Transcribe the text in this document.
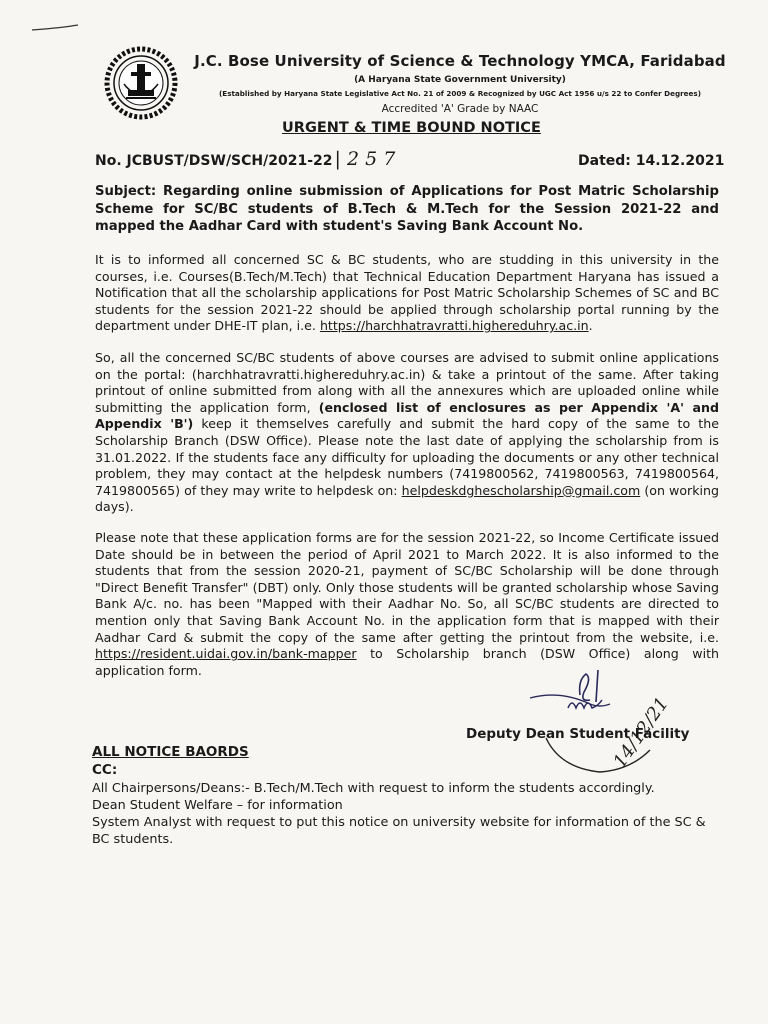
J.C. Bose University of Science & Technology YMCA, Faridabad
(A Haryana State Government University)
(Established by Haryana State Legislative Act No. 21 of 2009 & Recognized by UGC Act 1956 u/s 22 to Confer Degrees)
Accredited 'A' Grade by NAAC
URGENT & TIME BOUND NOTICE
No. JCBUST/DSW/SCH/2021-22 | 2 5 7	Dated: 14.12.2021
Subject: Regarding online submission of Applications for Post Matric Scholarship Scheme for SC/BC students of B.Tech & M.Tech for the Session 2021-22 and mapped the Aadhar Card with student's Saving Bank Account No.
It is to informed all concerned SC & BC students, who are studding in this university in the courses, i.e. Courses(B.Tech/M.Tech) that Technical Education Department Haryana has issued a Notification that all the scholarship applications for Post Matric Scholarship Schemes of SC and BC students for the session 2021-22 should be applied through scholarship portal running by the department under DHE-IT plan, i.e. https://harchhatravratti.highereduhry.ac.in.
So, all the concerned SC/BC students of above courses are advised to submit online applications on the portal: (harchhatravratti.highereduhry.ac.in) & take a printout of the same. After taking printout of online submitted from along with all the annexures which are uploaded online while submitting the application form, (enclosed list of enclosures as per Appendix 'A' and Appendix 'B') keep it themselves carefully and submit the hard copy of the same to the Scholarship Branch (DSW Office). Please note the last date of applying the scholarship from is 31.01.2022. If the students face any difficulty for uploading the documents or any other technical problem, they may contact at the helpdesk numbers (7419800562, 7419800563, 7419800564, 7419800565) of they may write to helpdesk on: helpdeskdghescholarship@gmail.com (on working days).
Please note that these application forms are for the session 2021-22, so Income Certificate issued Date should be in between the period of April 2021 to March 2022. It is also informed to the students that from the session 2020-21, payment of SC/BC Scholarship will be done through "Direct Benefit Transfer" (DBT) only. Only those students will be granted scholarship whose Saving Bank A/c. no. has been "Mapped with their Aadhar No. So, all SC/BC students are directed to mention only that Saving Bank Account No. in the application form that is mapped with their Aadhar Card & submit the copy of the same after getting the printout from the website, i.e. https://resident.uidai.gov.in/bank-mapper to Scholarship branch (DSW Office) along with application form.
14/12/21
Deputy Dean Student Facility
ALL NOTICE BAORDS
CC:
All Chairpersons/Deans:- B.Tech/M.Tech with request to inform the students accordingly.
Dean Student Welfare – for information
System Analyst with request to put this notice on university website for information of the SC & BC students.
